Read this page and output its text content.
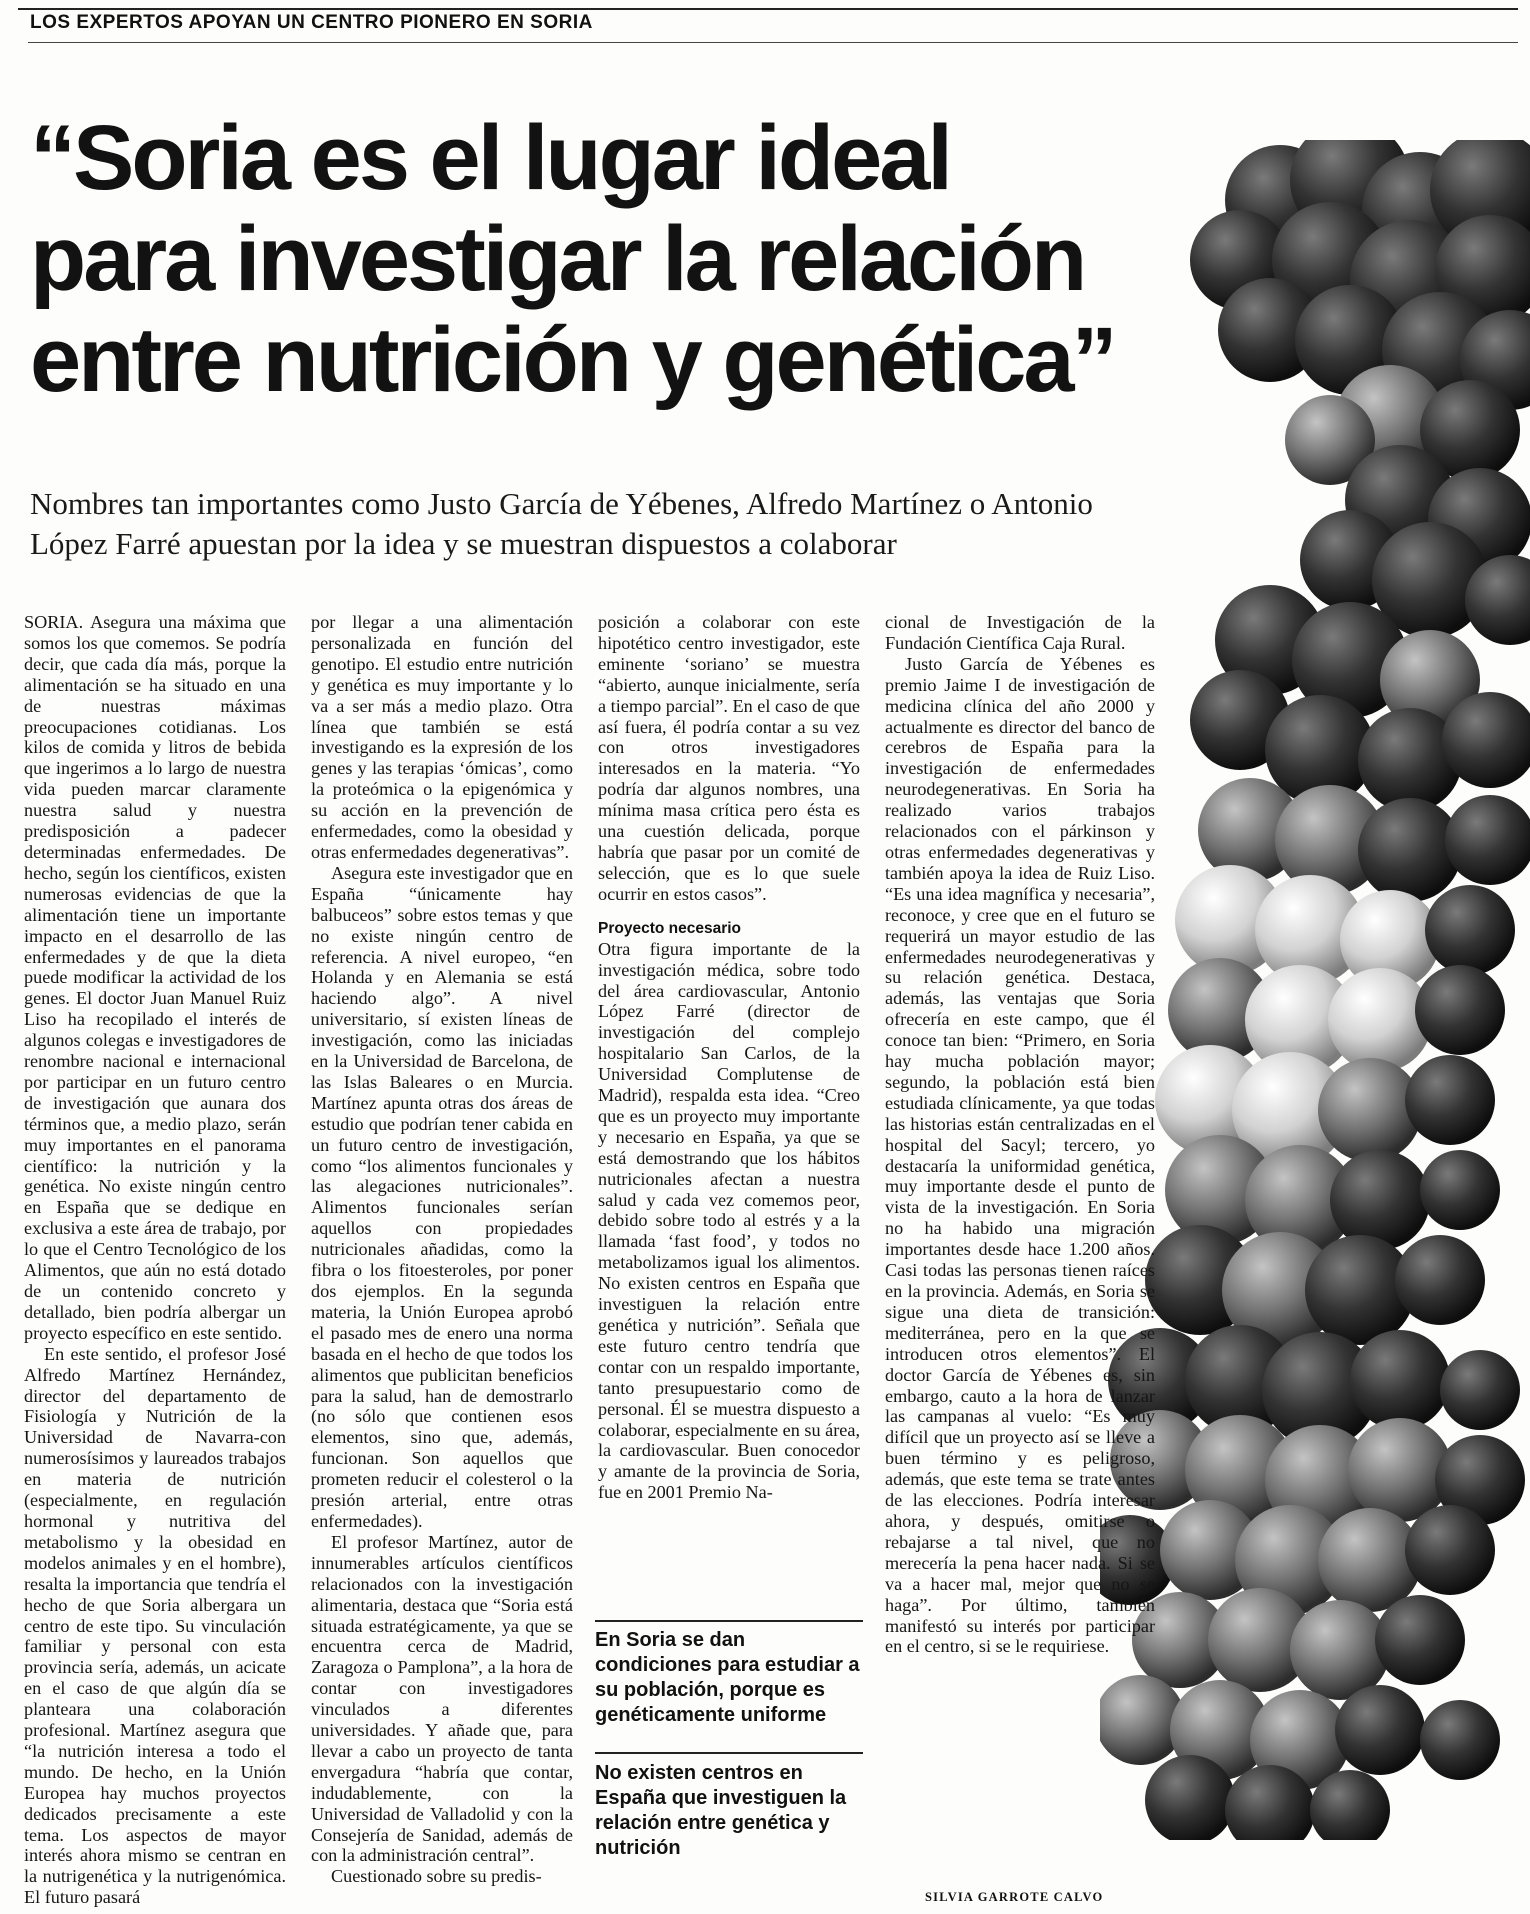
LOS EXPERTOS APOYAN UN CENTRO PIONERO EN SORIA
“Soria es el lugar ideal
para investigar la relación
entre nutrición y genética”
Nombres tan importantes como Justo García de Yébenes, Alfredo Martínez o Antonio López Farré apuestan por la idea y se muestran dispuestos a colaborar

SORIA. Asegura una máxima que somos los que comemos. Se podría decir, que cada día más, porque la alimentación se ha situado en una de nuestras máximas preocupaciones cotidianas. Los kilos de comida y litros de bebida que ingerimos a lo largo de nuestra vida pueden marcar claramente nuestra salud y nuestra predisposición a padecer determinadas enfermedades. De hecho, según los científicos, existen numerosas evidencias de que la alimentación tiene un importante impacto en el desarrollo de las enfermedades y de que la dieta puede modificar la actividad de los genes. El doctor Juan Manuel Ruiz Liso ha recopilado el interés de algunos colegas e investigadores de renombre nacional e internacional por participar en un futuro centro de investigación que aunara dos términos que, a medio plazo, serán muy importantes en el panorama científico: la nutrición y la genética. No existe ningún centro en España que se dedique en exclusiva a este área de trabajo, por lo que el Centro Tecnológico de los Alimentos, que aún no está dotado de un contenido concreto y detallado, bien podría albergar un proyecto específico en este sentido.

En este sentido, el profesor José Alfredo Martínez Hernández, director del departamento de Fisiología y Nutrición de la Universidad de Navarra-con numerosísimos y laureados trabajos en materia de nutrición (especialmente, en regulación hormonal y nutritiva del metabolismo y la obesidad en modelos animales y en el hombre), resalta la importancia que tendría el hecho de que Soria albergara un centro de este tipo. Su vinculación familiar y personal con esta provincia sería, además, un acicate en el caso de que algún día se planteara una colaboración profesional. Martínez asegura que “la nutrición interesa a todo el mundo. De hecho, en la Unión Europea hay muchos proyectos dedicados precisamente a este tema. Los aspectos de mayor interés ahora mismo se centran en la nutrigenética y la nutrigenómica. El futuro pasará

por llegar a una alimentación personalizada en función del genotipo. El estudio entre nutrición y genética es muy importante y lo va a ser más a medio plazo. Otra línea que también se está investigando es la expresión de los genes y las terapias ‘ómicas’, como la proteómica o la epigenómica y su acción en la prevención de enfermedades, como la obesidad y otras enfermedades degenerativas”.

Asegura este investigador que en España “únicamente hay balbuceos” sobre estos temas y que no existe ningún centro de referencia. A nivel europeo, “en Holanda y en Alemania se está haciendo algo”. A nivel universitario, sí existen líneas de investigación, como las iniciadas en la Universidad de Barcelona, de las Islas Baleares o en Murcia. Martínez apunta otras dos áreas de estudio que podrían tener cabida en un futuro centro de investigación, como “los alimentos funcionales y las alegaciones nutricionales”. Alimentos funcionales serían aquellos con propiedades nutricionales añadidas, como la fibra o los fitoesteroles, por poner dos ejemplos. En la segunda materia, la Unión Europea aprobó el pasado mes de enero una norma basada en el hecho de que todos los alimentos que publicitan beneficios para la salud, han de demostrarlo (no sólo que contienen esos elementos, sino que, además, funcionan. Son aquellos que prometen reducir el colesterol o la presión arterial, entre otras enfermedades).

El profesor Martínez, autor de innumerables artículos científicos relacionados con la investigación alimentaria, destaca que “Soria está situada estratégicamente, ya que se encuentra cerca de Madrid, Zaragoza o Pamplona”, a la hora de contar con investigadores vinculados a diferentes universidades. Y añade que, para llevar a cabo un proyecto de tanta envergadura “habría que contar, indudablemente, con la Universidad de Valladolid y con la Consejería de Sanidad, además de con la administración central”.

Cuestionado sobre su predis-

posición a colaborar con este hipotético centro investigador, este eminente ‘soriano’ se muestra “abierto, aunque inicialmente, sería a tiempo parcial”. En el caso de que así fuera, él podría contar a su vez con otros investigadores interesados en la materia. “Yo podría dar algunos nombres, una mínima masa crítica pero ésta es una cuestión delicada, porque habría que pasar por un comité de selección, que es lo que suele ocurrir en estos casos”.

Proyecto necesario

Otra figura importante de la investigación médica, sobre todo del área cardiovascular, Antonio López Farré (director de investigación del complejo hospitalario San Carlos, de la Universidad Complutense de Madrid), respalda esta idea. “Creo que es un proyecto muy importante y necesario en España, ya que se está demostrando que los hábitos nutricionales afectan a nuestra salud y cada vez comemos peor, debido sobre todo al estrés y a la llamada ‘fast food’, y todos no metabolizamos igual los alimentos. No existen centros en España que investiguen la relación entre genética y nutrición”. Señala que este futuro centro tendría que contar con un respaldo importante, tanto presupuestario como de personal. Él se muestra dispuesto a colaborar, especialmente en su área, la cardiovascular. Buen conocedor y amante de la provincia de Soria, fue en 2001 Premio Na-

cional de Investigación de la Fundación Científica Caja Rural.

Justo García de Yébenes es premio Jaime I de investigación de medicina clínica del año 2000 y actualmente es director del banco de cerebros de España para la investigación de enfermedades neurodegenerativas. En Soria ha realizado varios trabajos relacionados con el párkinson y otras enfermedades degenerativas y también apoya la idea de Ruiz Liso. “Es una idea magnífica y necesaria”, reconoce, y cree que en el futuro se requerirá un mayor estudio de las enfermedades neurodegenerativas y su relación genética. Destaca, además, las ventajas que Soria ofrecería en este campo, que él conoce tan bien: “Primero, en Soria hay mucha población mayor; segundo, la población está bien estudiada clínicamente, ya que todas las historias están centralizadas en el hospital del Sacyl; tercero, yo destacaría la uniformidad genética, muy importante desde el punto de vista de la investigación. En Soria no ha habido una migración importantes desde hace 1.200 años. Casi todas las personas tienen raíces en la provincia. Además, en Soria se sigue una dieta de transición: mediterránea, pero en la que se introducen otros elementos”. El doctor García de Yébenes es, sin embargo, cauto a la hora de lanzar las campanas al vuelo: “Es muy difícil que un proyecto así se lleve a buen término y es peligroso, además, que este tema se trate antes de las elecciones. Podría interesar ahora, y después, omitirse o rebajarse a tal nivel, que no merecería la pena hacer nada. Si se va a hacer mal, mejor que no se haga”. Por último, también manifestó su interés por participar en el centro, si se le requiriese.

En Soria se dan condiciones para estudiar a su población, porque es genéticamente uniforme
No existen centros en España que investiguen la relación entre genética y nutrición
SILVIA GARROTE CALVO
